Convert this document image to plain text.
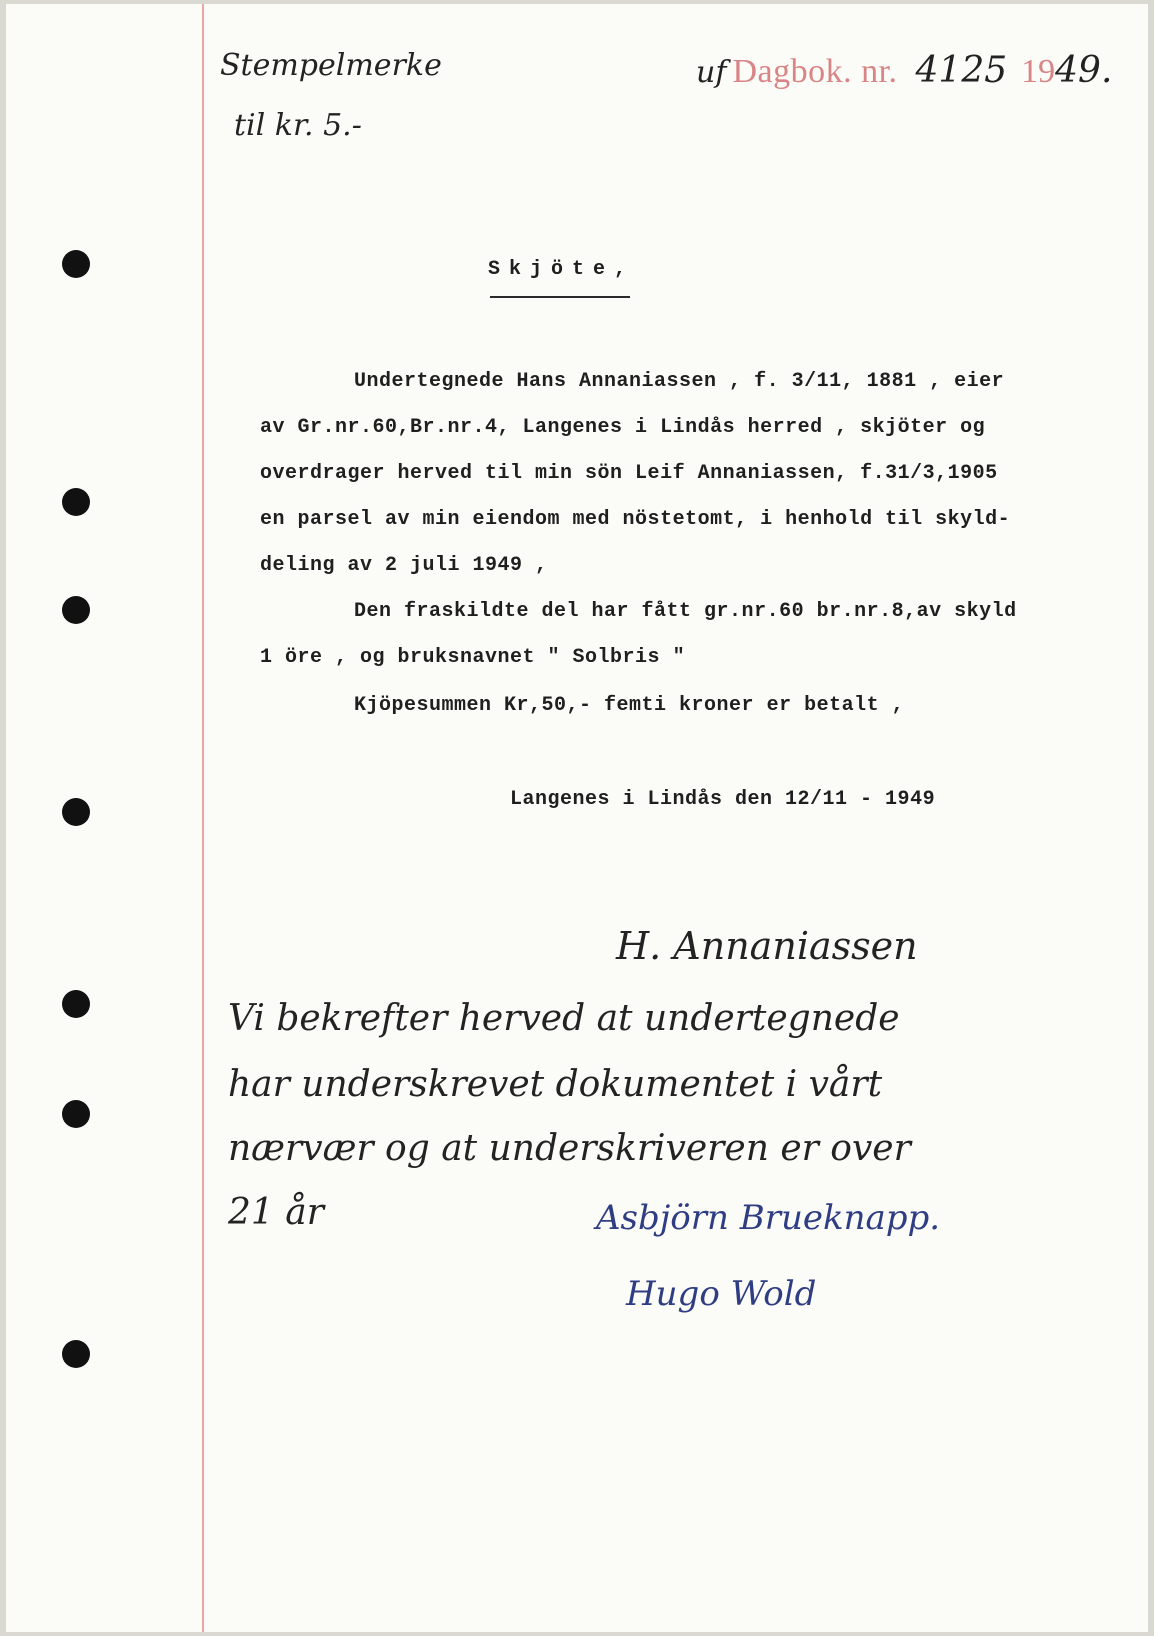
Stempelmerke
til kr. 5.-
uf Dagbok. nr. 4125 1949.
Skjöte,
Undertegnede Hans Annaniassen , f. 3/11, 1881 , eier
av Gr.nr.60,Br.nr.4, Langenes i Lindås herred , skjöter og
overdrager herved til min sön Leif Annaniassen, f.31/3,1905
en parsel av min eiendom med nöstetomt, i henhold til skyld-
deling av 2 juli 1949 ,
Den fraskildte del har fått gr.nr.60 br.nr.8,av skyld
1 öre , og bruksnavnet " Solbris "
Kjöpesummen Kr,50,- femti kroner er betalt ,
Langenes i Lindås den 12/11 - 1949
H. Annaniassen
Vi bekrefter herved at undertegnede
har underskrevet dokumentet i vårt
nærvær og at underskriveren er over
21 år	Asbjörn Brueknapp.
Hugo Wold
